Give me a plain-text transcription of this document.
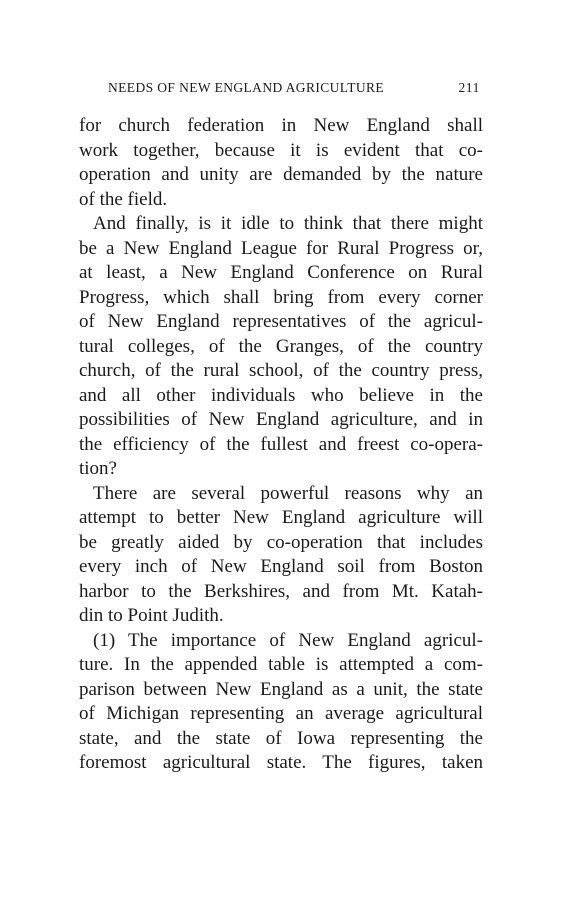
NEEDS OF NEW ENGLAND AGRICULTURE	211
for church federation in New England shall
work together, because it is evident that co-
operation and unity are demanded by the nature
of the field.
And finally, is it idle to think that there might
be a New England League for Rural Progress or,
at least, a New England Conference on Rural
Progress, which shall bring from every corner
of New England representatives of the agricul-
tural colleges, of the Granges, of the country
church, of the rural school, of the country press,
and all other individuals who believe in the
possibilities of New England agriculture, and in
the efficiency of the fullest and freest co-opera-
tion?
There are several powerful reasons why an
attempt to better New England agriculture will
be greatly aided by co-operation that includes
every inch of New England soil from Boston
harbor to the Berkshires, and from Mt. Katah-
din to Point Judith.
(1) The importance of New England agricul-
ture. In the appended table is attempted a com-
parison between New England as a unit, the state
of Michigan representing an average agricultural
state, and the state of Iowa representing the
foremost agricultural state. The figures, taken
